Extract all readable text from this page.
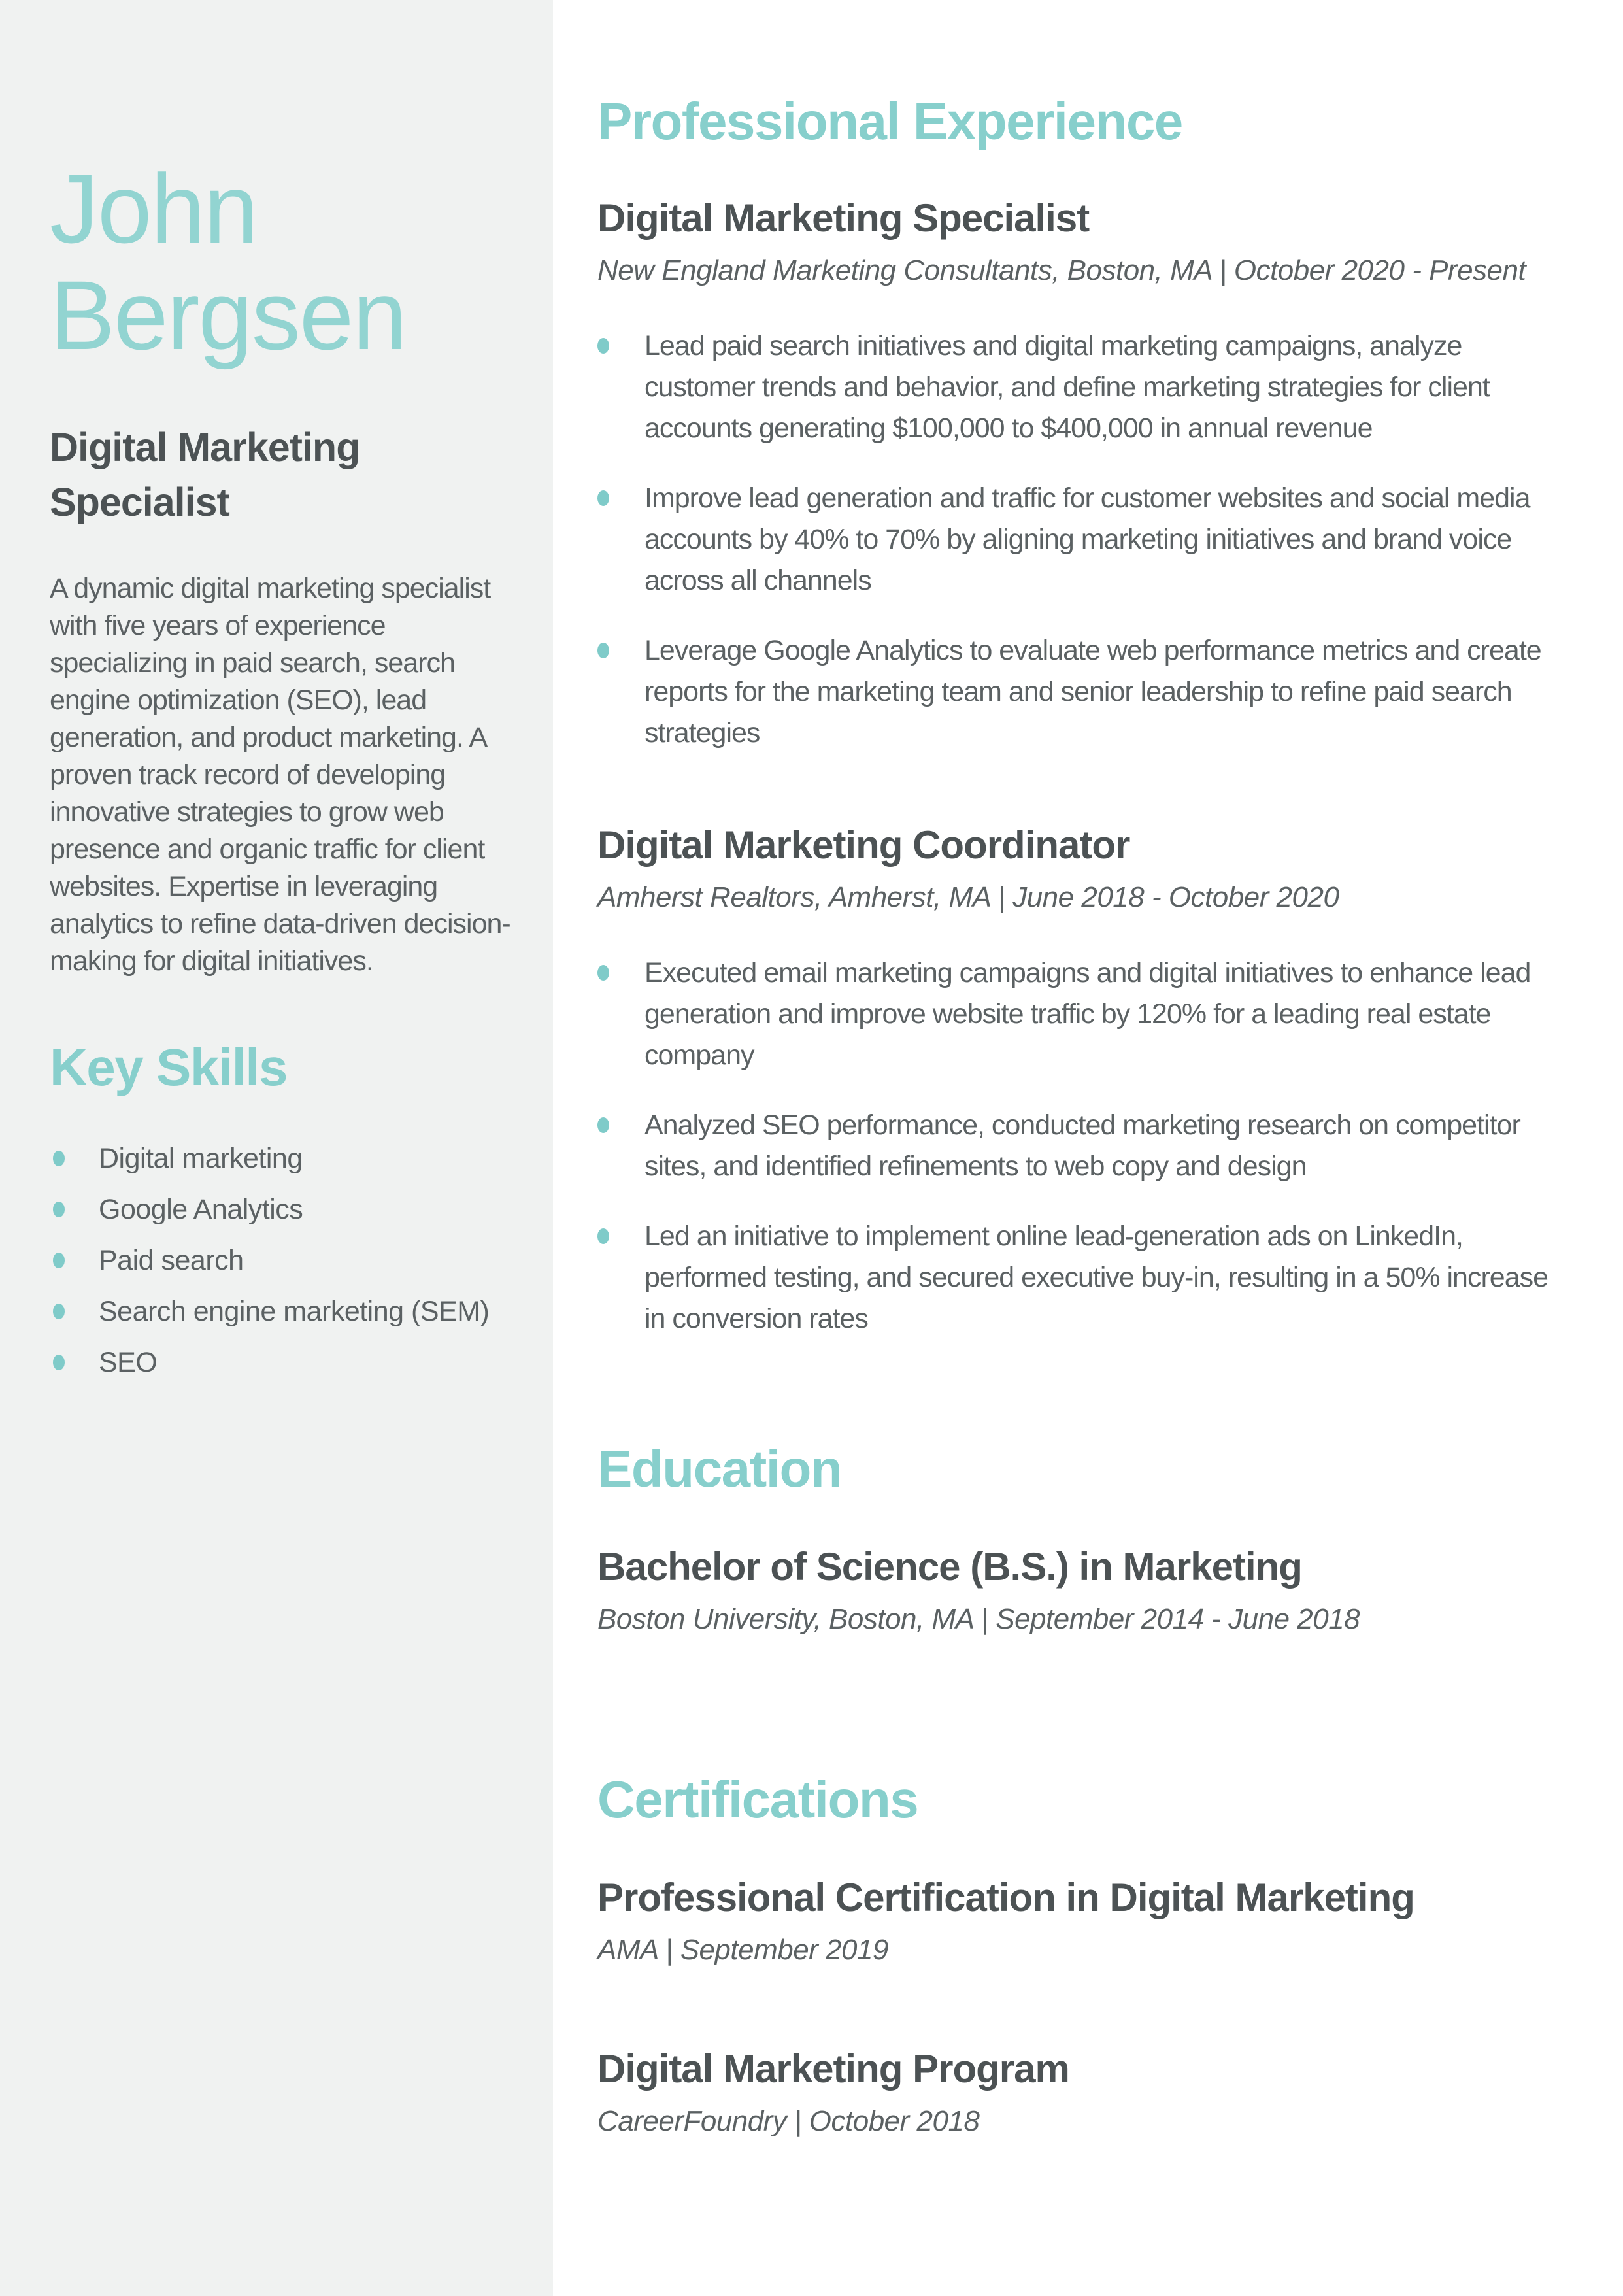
John Bergsen
Digital Marketing Specialist
A dynamic digital marketing specialist with five years of experience specializing in paid search, search engine optimization (SEO), lead generation, and product marketing. A proven track record of developing innovative strategies to grow web presence and organic traffic for client websites. Expertise in leveraging analytics to refine data-driven decision-making for digital initiatives.
Key Skills
Digital marketing
Google Analytics
Paid search
Search engine marketing (SEM)
SEO
Professional Experience
Digital Marketing Specialist
New England Marketing Consultants, Boston, MA | October 2020 - Present
Lead paid search initiatives and digital marketing campaigns, analyze customer trends and behavior, and define marketing strategies for client accounts generating $100,000 to $400,000 in annual revenue
Improve lead generation and traffic for customer websites and social media accounts by 40% to 70% by aligning marketing initiatives and brand voice across all channels
Leverage Google Analytics to evaluate web performance metrics and create reports for the marketing team and senior leadership to refine paid search strategies
Digital Marketing Coordinator
Amherst Realtors, Amherst, MA | June 2018 - October 2020
Executed email marketing campaigns and digital initiatives to enhance lead generation and improve website traffic by 120% for a leading real estate company
Analyzed SEO performance, conducted marketing research on competitor sites, and identified refinements to web copy and design
Led an initiative to implement online lead-generation ads on LinkedIn, performed testing, and secured executive buy-in, resulting in a 50% increase in conversion rates
Education
Bachelor of Science (B.S.) in Marketing
Boston University, Boston, MA | September 2014 - June 2018
Certifications
Professional Certification in Digital Marketing
AMA | September 2019
Digital Marketing Program
CareerFoundry | October 2018
